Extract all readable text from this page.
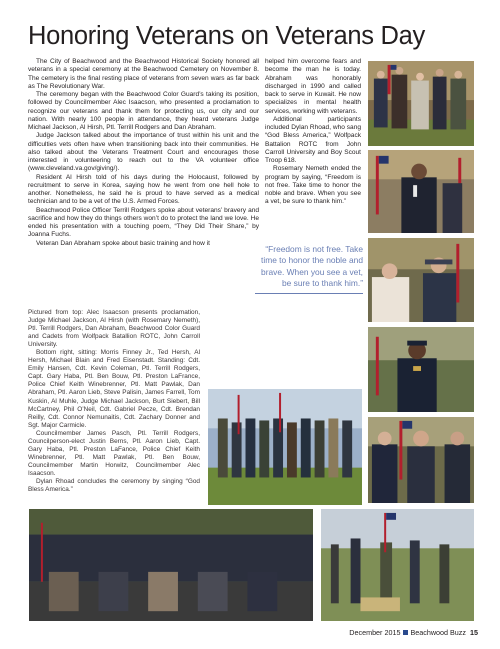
Honoring Veterans on Veterans Day

The City of Beachwood and the Beachwood Historical Society honored all veterans in a special ceremony at the Beachwood Cemetery on November 8. The cemetery is the final resting place of veterans from seven wars as far back as The Revolutionary War.

The ceremony began with the Beachwood Color Guard’s taking its position, followed by Councilmember Alec Isaacson, who presented a proclamation to recognize our veterans and thank them for protecting us, our city and our nation. With nearly 100 people in attendance, they heard veterans Judge Michael Jackson, Al Hirsh, Ptl. Terrill Rodgers and Dan Abraham.

Judge Jackson talked about the importance of trust within his unit and the difficulties vets often have when transitioning back into their communities. He also talked about the Veterans Treatment Court and encourages those interested in volunteering to reach out to the VA volunteer office (www.cleveland.va.gov/giving/).

Resident Al Hirsh told of his days during the Holocaust, followed by recruitment to serve in Korea, saying how he went from one hell hole to another. Nonetheless, he said he is proud to have served as a medical technician and to be a vet of the U.S. Armed Forces.

Beachwood Police Officer Terrill Rodgers spoke about veterans’ bravery and sacrifice and how they do things others won’t do to protect the land we love. He ended his presentation with a touching poem, “They Did Their Share,” by Joanna Fuchs.

Veteran Dan Abraham spoke about basic training and how it

helped him overcome fears and become the man he is today. Abraham was honorably discharged in 1990 and called back to serve in Kuwait. He now specializes in mental health services, working with veterans.

Additional participants included Dylan Rhoad, who sang “God Bless America,” Wolfpack Battalion ROTC from John Carroll University and Boy Scout Troop 618.

Rosemary Nemeth ended the program by saying, “Freedom is not free. Take time to honor the noble and brave. When you see a vet, be sure to thank him.”

“Freedom is not free. Take time to honor the noble and brave. When you see a vet, be sure to thank him.”

Pictured from top: Alec Isaacson presents proclamation, Judge Michael Jackson, Al Hirsh (with Rosemary Nemeth), Ptl. Terrill Rodgers, Dan Abraham, Beachwood Color Guard and Cadets from Wolfpack Batallion ROTC, John Carroll University.

Bottom right, sitting: Morris Finney Jr., Ted Hersh, Al Hersh, Michael Blain and Fred Eisenstadt. Standing: Cdt. Emily Hansen, Cdt. Kevin Coleman, Ptl. Terrill Rodgers, Capt. Gary Haba, Ptl. Ben Bouw, Ptl. Preston LaFrance, Police Chief Keith Winebrenner, Ptl. Matt Pawlak, Dan Abraham, Ptl. Aaron Lieb, Steve Palisin, James Farrell, Tom Kuskin, Al Muhle, Judge Michael Jackson, Burt Siebert, Bill McCartney, Phil O’Neil, Cdt. Gabriel Pecze, Cdt. Brendan Reilly, Cdt. Connor Nemunaitis, Cdt. Zachary Donner and Sgt. Major Carmicle.

Councilmember James Pasch, Ptl. Terrill Rodgers, Councilperson-elect Justin Berns, Ptl. Aaron Lieb, Capt. Gary Haba, Ptl. Preston LaFance, Police Chief Keith Winebrenner, Ptl. Matt Pawlak, Ptl. Ben Bouw, Councilmember Martin Horwitz, Councilmember Alec Isaacson.

Dylan Rhoad concludes the ceremony by singing “God Bless America.”

December 2015 Beachwood Buzz 15
